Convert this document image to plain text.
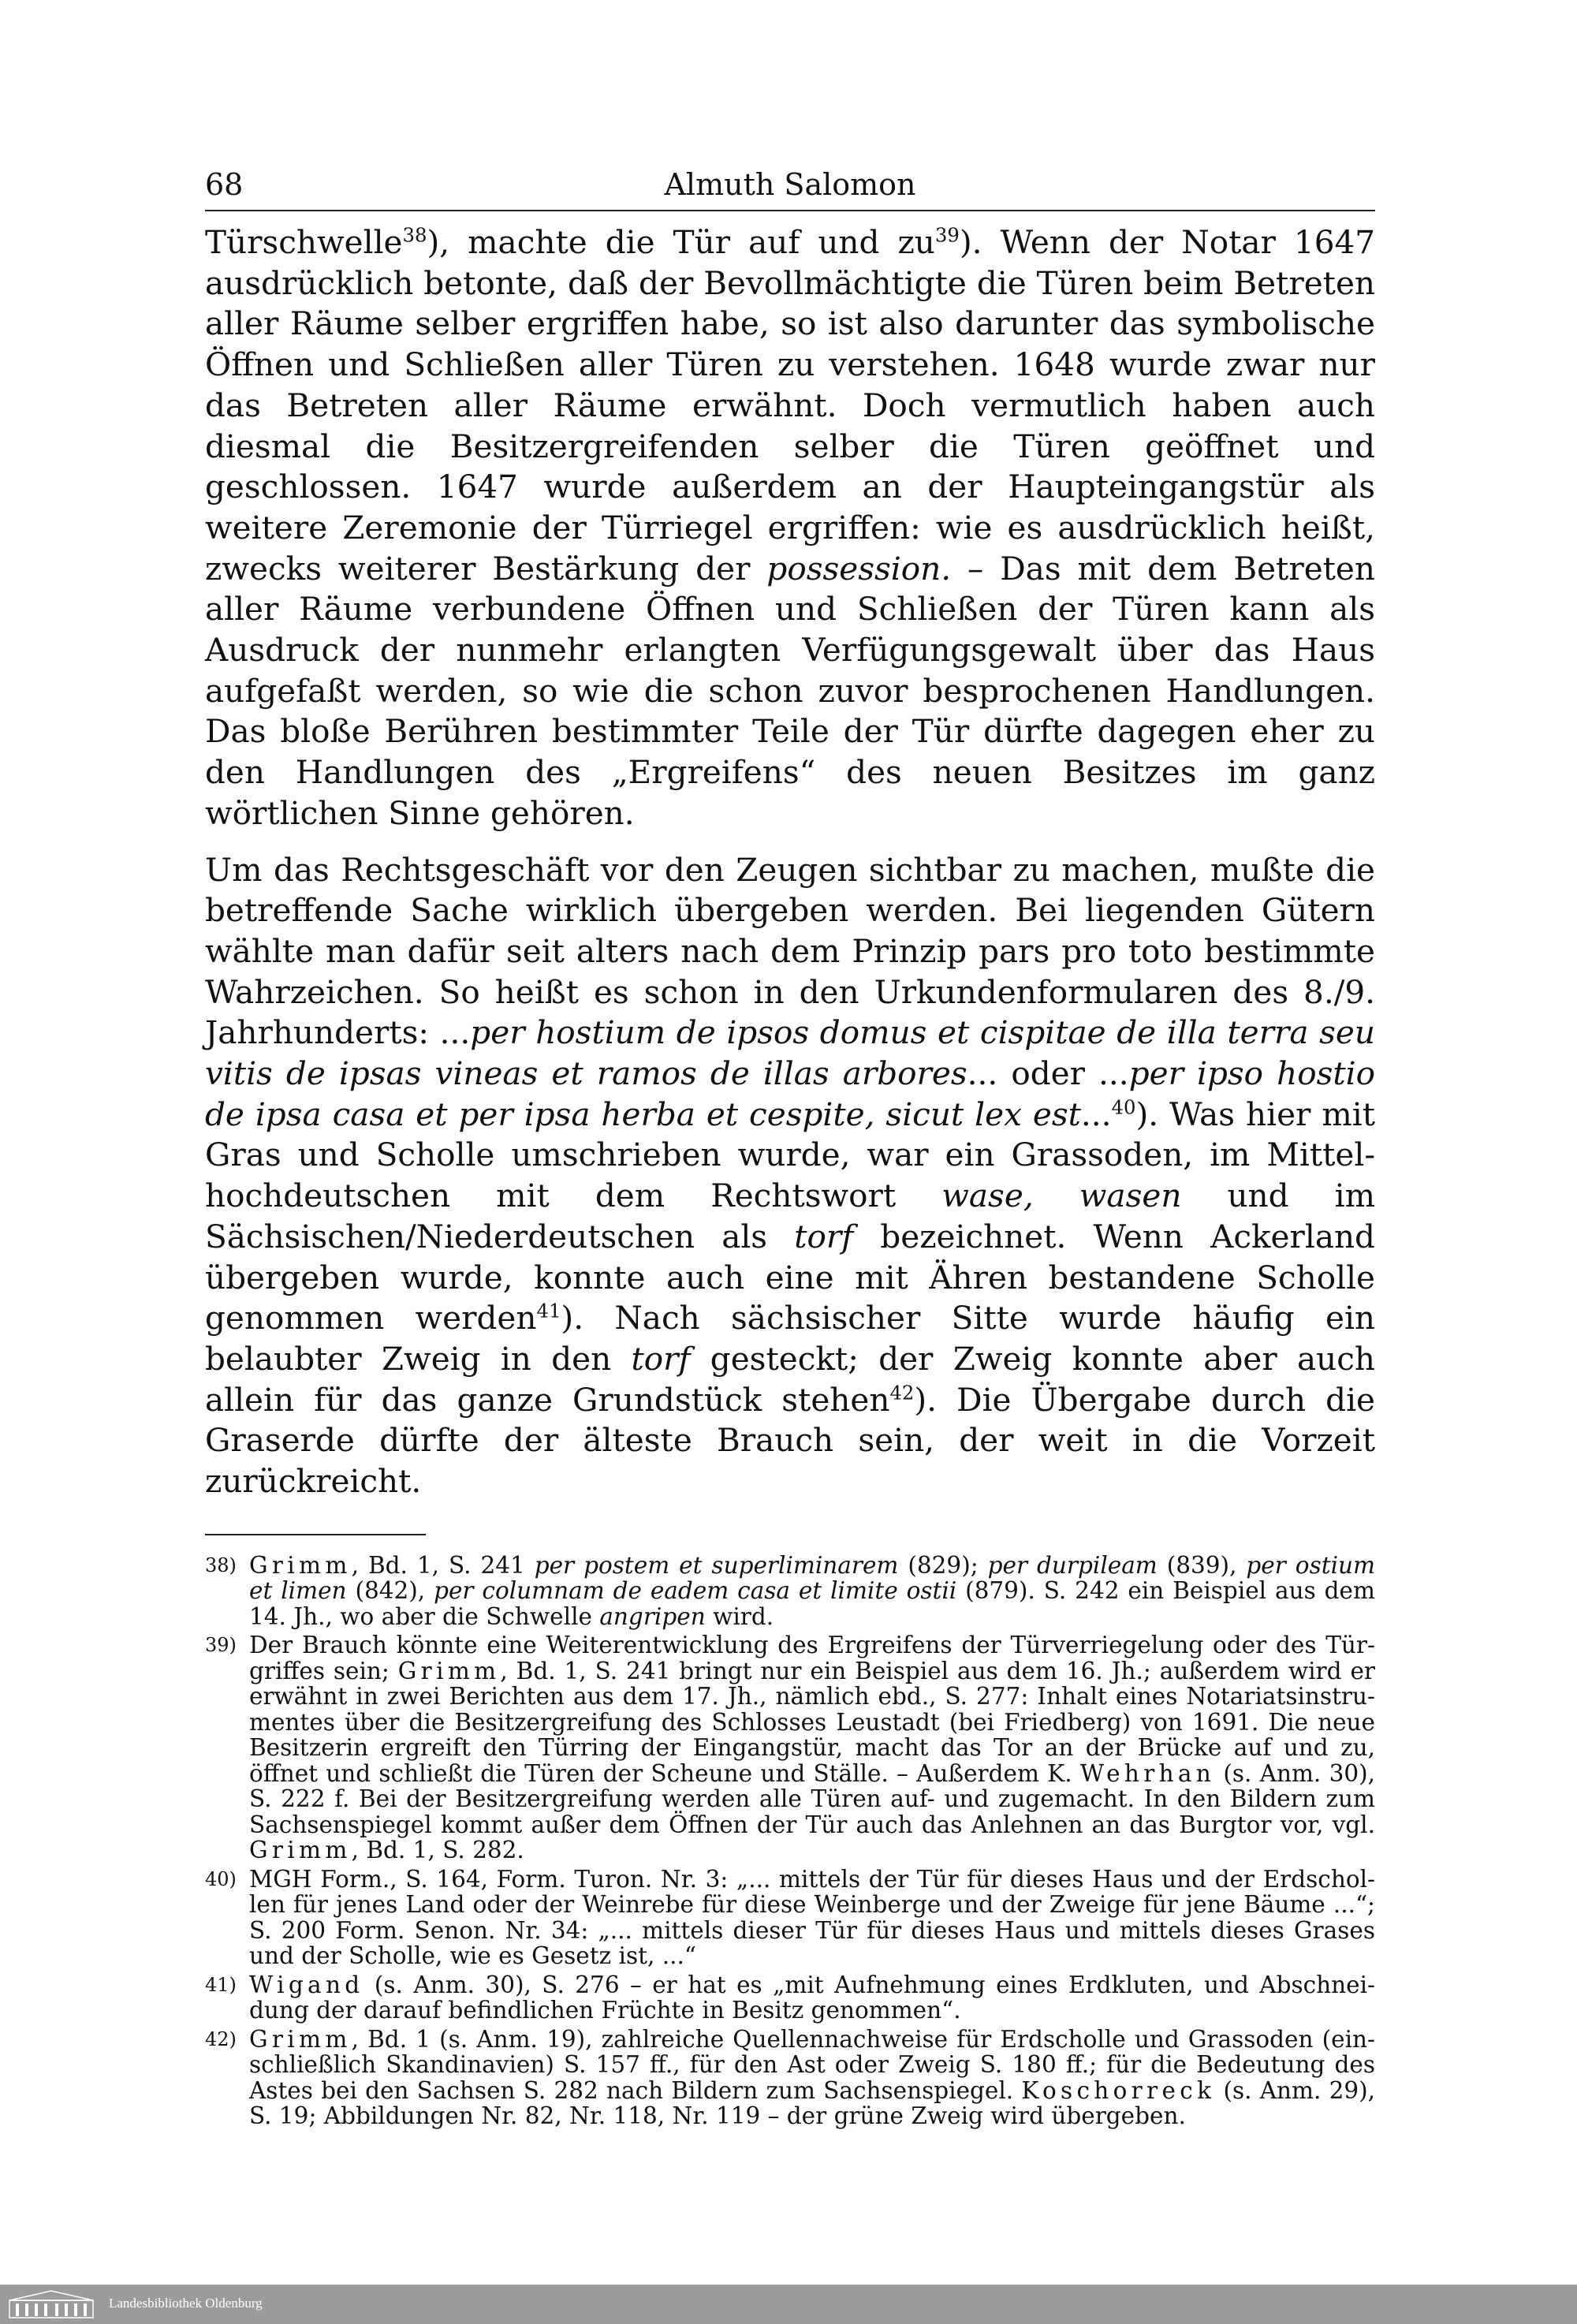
68	Almuth Salomon

Türschwelle$^{38}$), machte die Tür auf und $zu^{39}$). Wenn der Notar 1647 ausdrücklich betonte, daß der Bevollmächtigte die Türen beim Betreten aller Räume selber ergriffen habe, so ist also darunter das symbolische Öffnen und Schließen aller Türen zu verstehen. 1648 wurde zwar nur das Betreten aller Räume erwähnt. Doch vermutlich haben auch diesmal die Besitzergreifenden selber die Türen geöffnet und geschlossen. 1647 wurde außerdem an der Haupteingangstür als weitere Zeremonie der Türriegel ergriffen: wie es ausdrücklich heißt, zwecks weiterer Bestärkung der possession. – Das mit dem Betreten aller Räume verbundene Öffnen und Schließen der Türen kann als Ausdruck der nunmehr erlangten Verfügungsgewalt über das Haus aufgefaßt werden, so wie die schon zuvor besprochenen Handlungen. Das bloße Berühren bestimmter Teile der Tür dürfte dagegen eher zu den Handlungen des „Ergreifens“ des neuen Besitzes im ganz wörtlichen Sinne gehören.

Um das Rechtsgeschäft vor den Zeugen sichtbar zu machen, mußte die betreffende Sache wirklich übergeben werden. Bei liegenden Gütern wählte man dafür seit alters nach dem Prinzip pars pro toto bestimmte Wahrzeichen. So heißt es schon in den Urkundenformularen des 8./9. Jahrhunderts: ...per hostium de ipsos domus et cispitae de illa terra seu vitis de ipsas vineas et ramos de illas arbores... oder ...per ipso hostio de ipsa casa et per ipsa herba et cespite, sicut lex est...$^{40}$). Was hier mit Gras und Scholle umschrieben wurde, war ein Grassoden, im Mittelhochdeutschen mit dem Rechtswort wase, wasen und im Sächsischen/Niederdeutschen als torf bezeichnet. Wenn Ackerland übergeben wurde, konnte auch eine mit Ähren bestandene Scholle genommen werden$^{41}$). Nach sächsischer Sitte wurde häufig ein belaubter Zweig in den torf gesteckt; der Zweig konnte aber auch allein für das ganze Grundstück stehen$^{42}$). Die Übergabe durch die Graserde dürfte der älteste Brauch sein, der weit in die Vorzeit zurückreicht.

38) Grimm, Bd. 1, S. 241 per postem et superliminarem (829); per durpileam (839), per ostium et limen (842), per columnam de eadem casa et limite ostii (879). S. 242 ein Beispiel aus dem 14. Jh., wo aber die Schwelle angripen wird.

39) Der Brauch könnte eine Weiterentwicklung des Ergreifens der Türverriegelung oder des Türgriffes sein; Grimm, Bd. 1, S. 241 bringt nur ein Beispiel aus dem 16. Jh.; außerdem wird er erwähnt in zwei Berichten aus dem 17. Jh., nämlich ebd., S. 277: Inhalt eines Notariatsinstrumentes über die Besitzergreifung des Schlosses Leustadt (bei Friedberg) von 1691. Die neue Besitzerin ergreift den Türring der Eingangstür, macht das Tor an der Brücke auf und zu, öffnet und schließt die Türen der Scheune und Ställe. – Außerdem K. Wehrhan (s. Anm. 30), S. 222 f. Bei der Besitzergreifung werden alle Türen auf- und zugemacht. In den Bildern zum Sachsenspiegel kommt außer dem Öffnen der Tür auch das Anlehnen an das Burgtor vor, vgl. Grimm, Bd. 1, S. 282.

40) MGH Form., S. 164, Form. Turon. Nr. 3: „... mittels der Tür für dieses Haus und der Erdschollen für jenes Land oder der Weinrebe für diese Weinberge und der Zweige für jene Bäume ...“; S. 200 Form. Senon. Nr. 34: „... mittels dieser Tür für dieses Haus und mittels dieses Grases und der Scholle, wie es Gesetz ist, ...“

41) Wigand (s. Anm. 30), S. 276 – er hat es „mit Aufnehmung eines Erdkluten, und Abschneidung der darauf befindlichen Früchte in Besitz genommen“.

42) Grimm, Bd. 1 (s. Anm. 19), zahlreiche Quellennachweise für Erdscholle und Grassoden (einschließlich Skandinavien) S. 157 ff., für den Ast oder Zweig S. 180 ff.; für die Bedeutung des Astes bei den Sachsen S. 282 nach Bildern zum Sachsenspiegel. Koschorreck (s. Anm. 29), S. 19; Abbildungen Nr. 82, Nr. 118, Nr. 119 – der grüne Zweig wird übergeben.

Landesbibliothek Oldenburg
